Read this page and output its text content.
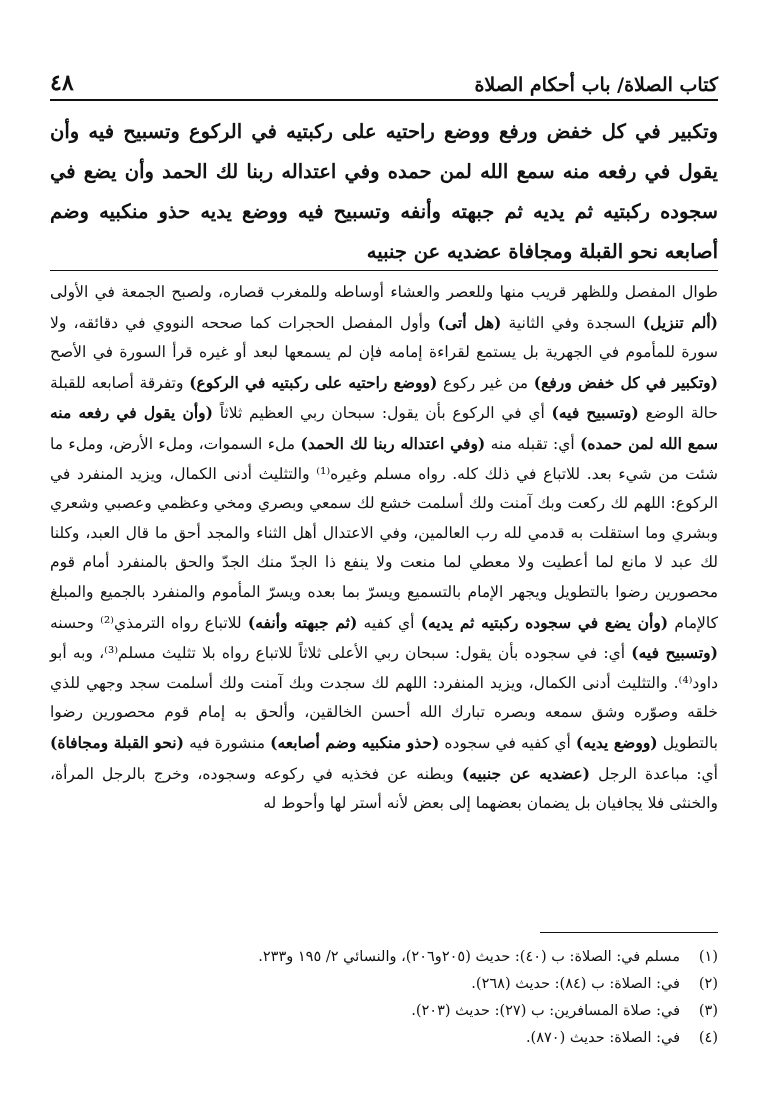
٤٨	كتاب الصلاة/ باب أحكام الصلاة
وتكبير في كل خفض ورفع ووضع راحتيه على ركبتيه في الركوع وتسبيح فيه وأن يقول في رفعه منه سمع الله لمن حمده وفي اعتداله ربنا لك الحمد وأن يضع في سجوده ركبتيه ثم يديه ثم جبهته وأنفه وتسبيح فيه ووضع يديه حذو منكبيه وضم أصابعه نحو القبلة ومجافاة عضديه عن جنبيه
طوال المفصل وللظهر قريب منها وللعصر والعشاء أوساطه وللمغرب قصاره، ولصبح الجمعة في الأولى (ألم تنزيل) السجدة وفي الثانية (هل أتى) وأول المفصل الحجرات كما صححه النووي في دقائقه، ولا سورة للمأموم في الجهرية بل يستمع لقراءة إمامه فإن لم يسمعها لبعد أو غيره قرأ السورة في الأصح (وتكبير في كل خفض ورفع) من غير ركوع (ووضع راحتيه على ركبتيه في الركوع) وتفرقة أصابعه للقبلة حالة الوضع (وتسبيح فيه) أي في الركوع بأن يقول: سبحان ربي العظيم ثلاثاً (وأن يقول في رفعه منه سمع الله لمن حمده) أي: تقبله منه (وفي اعتداله ربنا لك الحمد) ملء السموات، وملء الأرض، وملء ما شئت من شيء بعد. للاتباع في ذلك كله. رواه مسلم وغيره⁽¹⁾ والتثليث أدنى الكمال، ويزيد المنفرد في الركوع: اللهم لك ركعت وبك آمنت ولك أسلمت خشع لك سمعي وبصري ومخي وعظمي وعصبي وشعري وبشري وما استقلت به قدمي لله رب العالمين، وفي الاعتدال أهل الثناء والمجد أحق ما قال العبد، وكلنا لك عبد لا مانع لما أعطيت ولا معطي لما منعت ولا ينفع ذا الجدّ منك الجدّ والحق بالمنفرد أمام قوم محصورين رضوا بالتطويل ويجهر الإمام بالتسميع ويسرّ بما بعده ويسرّ المأموم والمنفرد بالجميع والمبلغ كالإمام (وأن يضع في سجوده ركبتيه ثم يديه) أي كفيه (ثم جبهته وأنفه) للاتباع رواه الترمذي⁽²⁾ وحسنه (وتسبيح فيه) أي: في سجوده بأن يقول: سبحان ربي الأعلى ثلاثاً للاتباع رواه بلا تثليث مسلم⁽³⁾، وبه أبو داود⁽⁴⁾. والتثليث أدنى الكمال، ويزيد المنفرد: اللهم لك سجدت وبك آمنت ولك أسلمت سجد وجهي للذي خلقه وصوّره وشق سمعه وبصره تبارك الله أحسن الخالقين، وألحق به إمام قوم محصورين رضوا بالتطويل (ووضع يديه) أي كفيه في سجوده (حذو منكبيه وضم أصابعه) منشورة فيه (نحو القبلة ومجافاة) أي: مباعدة الرجل (عضديه عن جنبيه) وبطنه عن فخذيه في ركوعه وسجوده، وخرج بالرجل المرأة، والخنثى فلا يجافيان بل يضمان بعضهما إلى بعض لأنه أستر لها وأحوط له
(١)مسلم في: الصلاة: ب (٤٠): حديث (٢٠٥و٢٠٦)، والنسائي ٢/ ١٩٥ و٢٣٣.
(٢)في: الصلاة: ب (٨٤): حديث (٢٦٨).
(٣)في: صلاة المسافرين: ب (٢٧): حديث (٢٠٣).
(٤)في: الصلاة: حديث (٨٧٠).
